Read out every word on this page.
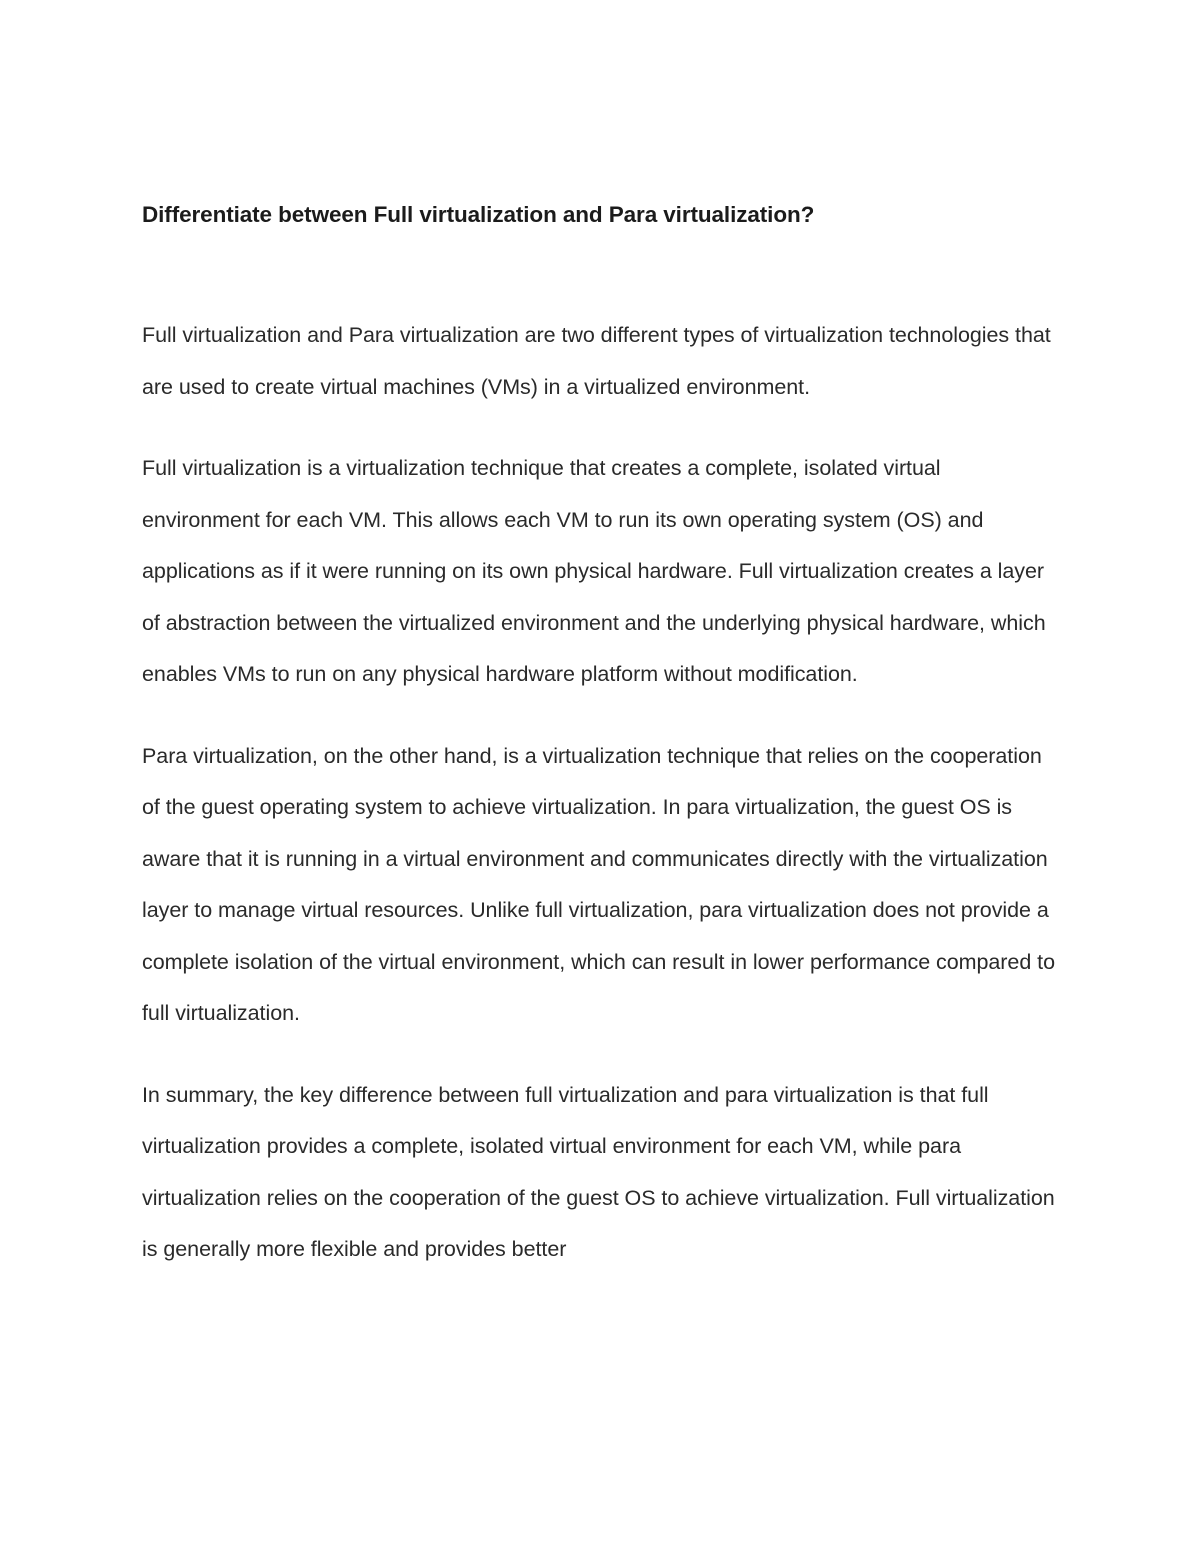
Differentiate between Full virtualization and Para virtualization?

Full virtualization and Para virtualization are two different types of virtualization technologies that are used to create virtual machines (VMs) in a virtualized environment.

Full virtualization is a virtualization technique that creates a complete, isolated virtual environment for each VM. This allows each VM to run its own operating system (OS) and applications as if it were running on its own physical hardware. Full virtualization creates a layer of abstraction between the virtualized environment and the underlying physical hardware, which enables VMs to run on any physical hardware platform without modification.

Para virtualization, on the other hand, is a virtualization technique that relies on the cooperation of the guest operating system to achieve virtualization. In para virtualization, the guest OS is aware that it is running in a virtual environment and communicates directly with the virtualization layer to manage virtual resources. Unlike full virtualization, para virtualization does not provide a complete isolation of the virtual environment, which can result in lower performance compared to full virtualization.

In summary, the key difference between full virtualization and para virtualization is that full virtualization provides a complete, isolated virtual environment for each VM, while para virtualization relies on the cooperation of the guest OS to achieve virtualization. Full virtualization is generally more flexible and provides better
